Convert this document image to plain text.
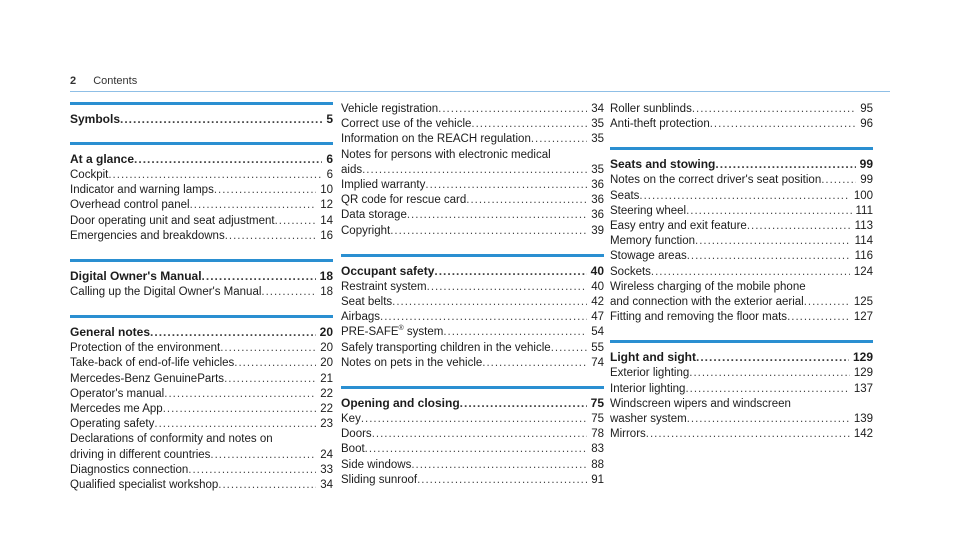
2 Contents
Symbols .....	5
At a glance .....	6
Cockpit .....	6
Indicator and warning lamps .....	10
Overhead control panel .....	12
Door operating unit and seat adjustment .....	14
Emergencies and breakdowns .....	16
Digital Owner's Manual .....	18
Calling up the Digital Owner's Manual .....	18
General notes .....	20
Protection of the environment .....	20
Take-back of end-of-life vehicles .....	20
Mercedes-Benz GenuineParts .....	21
Operator's manual .....	22
Mercedes me App .....	22
Operating safety .....	23
Declarations of conformity and notes on
driving in different countries .....	24
Diagnostics connection .....	33
Qualified specialist workshop .....	34
Vehicle registration .....	34
Correct use of the vehicle .....	35
Information on the REACH regulation .....	35
Notes for persons with electronic medical
aids .....	35
Implied warranty .....	36
QR code for rescue card .....	36
Data storage .....	36
Copyright .....	39
Occupant safety .....	40
Restraint system .....	40
Seat belts .....	42
Airbags .....	47
PRE-SAFE® system .....	54
Safely transporting children in the vehicle .....	55
Notes on pets in the vehicle .....	74
Opening and closing .....	75
Key .....	75
Doors .....	78
Boot .....	83
Side windows .....	88
Sliding sunroof .....	91
Roller sunblinds .....	95
Anti-theft protection .....	96
Seats and stowing .....	99
Notes on the correct driver's seat position .....	99
Seats .....	100
Steering wheel .....	111
Easy entry and exit feature .....	113
Memory function .....	114
Stowage areas .....	116
Sockets .....	124
Wireless charging of the mobile phone
and connection with the exterior aerial .....	125
Fitting and removing the floor mats .....	127
Light and sight .....	129
Exterior lighting .....	129
Interior lighting .....	137
Windscreen wipers and windscreen
washer system .....	139
Mirrors .....	142
